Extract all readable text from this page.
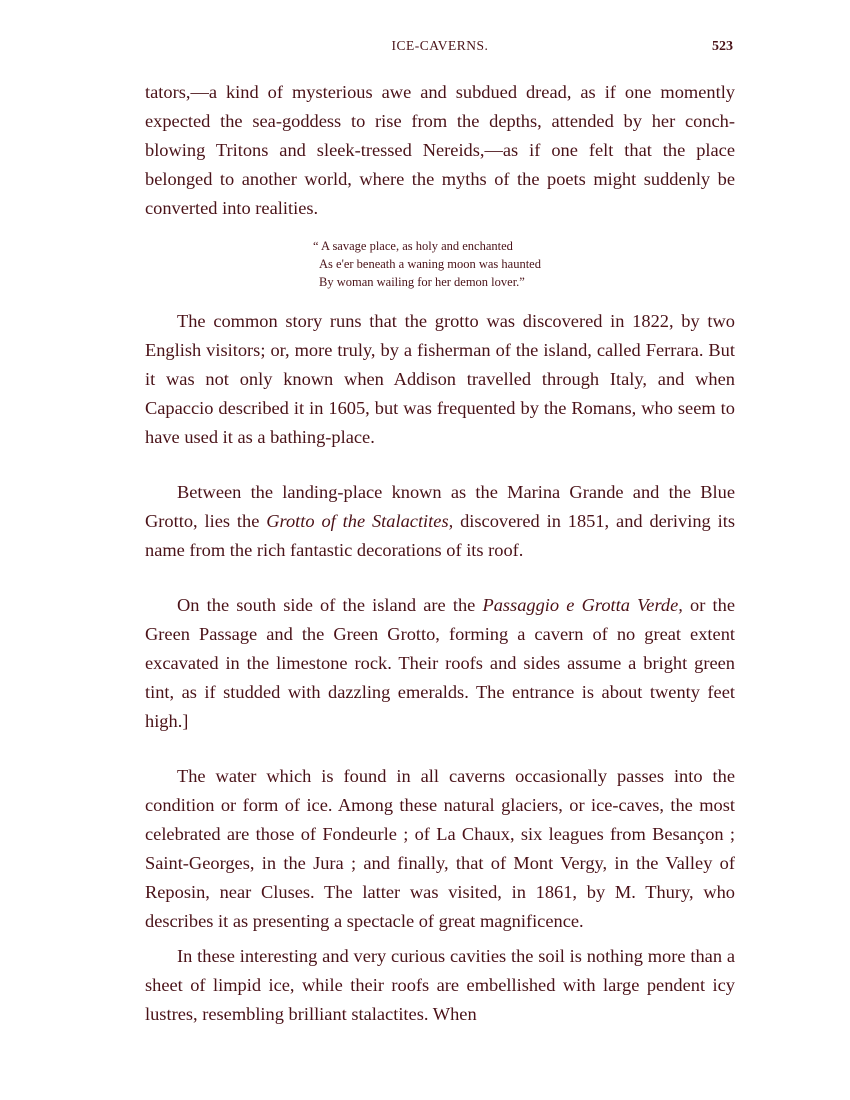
ICE-CAVERNS.	523

tators,—a kind of mysterious awe and subdued dread, as if one momently expected the sea-goddess to rise from the depths, attended by her conch-blowing Tritons and sleek-tressed Nereids,—as if one felt that the place belonged to another world, where the myths of the poets might suddenly be converted into realities.

“ A savage place, as holy and enchanted
As e'er beneath a waning moon was haunted
By woman wailing for her demon lover.”

The common story runs that the grotto was discovered in 1822, by two English visitors; or, more truly, by a fisherman of the island, called Ferrara. But it was not only known when Addison travelled through Italy, and when Capaccio described it in 1605, but was frequented by the Romans, who seem to have used it as a bathing-place.

Between the landing-place known as the Marina Grande and the Blue Grotto, lies the Grotto of the Stalactites, discovered in 1851, and deriving its name from the rich fantastic decorations of its roof.

On the south side of the island are the Passaggio e Grotta Verde, or the Green Passage and the Green Grotto, forming a cavern of no great extent excavated in the limestone rock. Their roofs and sides assume a bright green tint, as if studded with dazzling emeralds. The entrance is about twenty feet high.]

The water which is found in all caverns occasionally passes into the condition or form of ice. Among these natural glaciers, or ice-caves, the most celebrated are those of Fondeurle ; of La Chaux, six leagues from Besançon ; Saint-Georges, in the Jura ; and finally, that of Mont Vergy, in the Valley of Reposin, near Cluses. The latter was visited, in 1861, by M. Thury, who describes it as presenting a spectacle of great magnificence.

In these interesting and very curious cavities the soil is nothing more than a sheet of limpid ice, while their roofs are embellished with large pendent icy lustres, resembling brilliant stalactites. When
